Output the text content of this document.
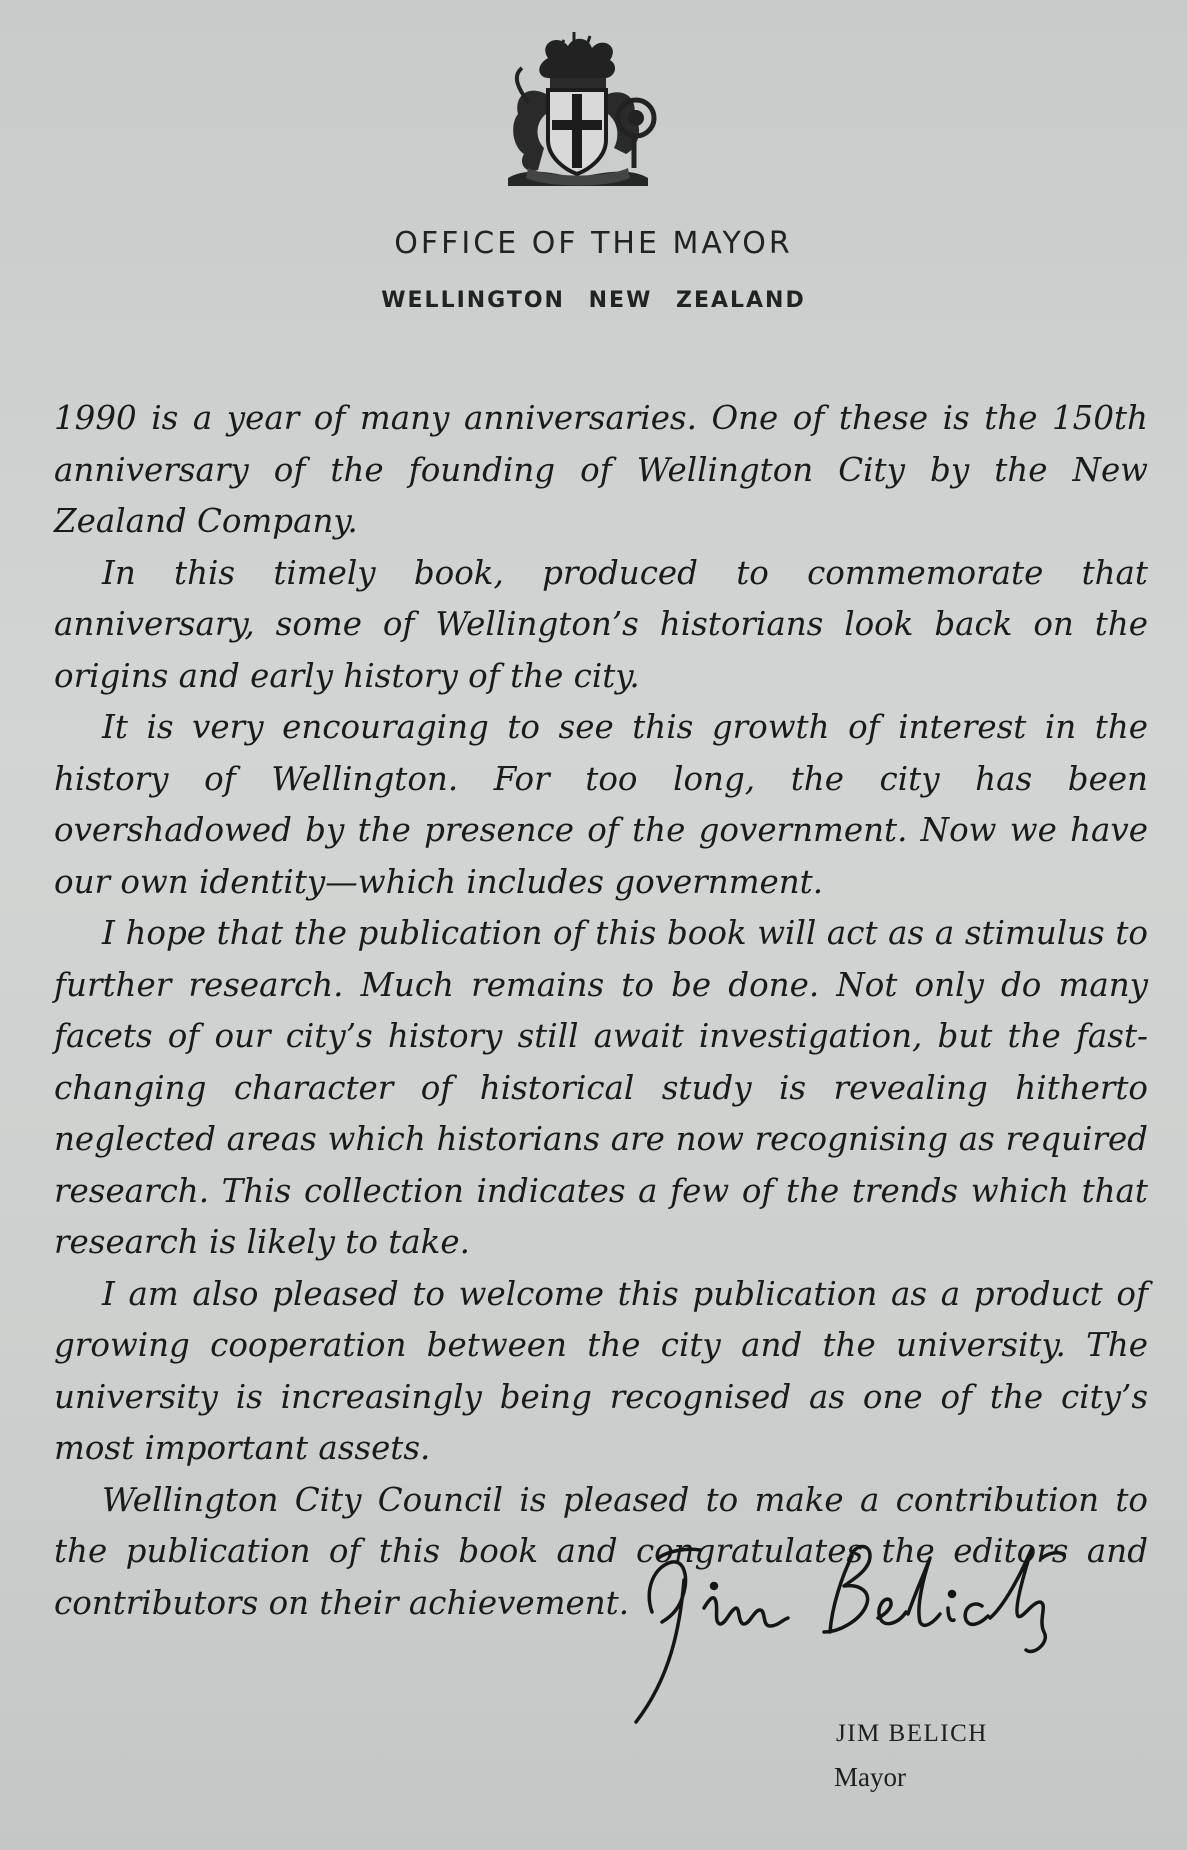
OFFICE OF THE MAYOR
WELLINGTON NEW ZEALAND

1990 is a year of many anniversaries. One of these is the 150th anniversary of the founding of Wellington City by the New Zealand Company.

In this timely book, produced to commemorate that anniversary, some of Wellington’s historians look back on the origins and early history of the city.

It is very encouraging to see this growth of interest in the history of Wellington. For too long, the city has been overshadowed by the presence of the government. Now we have our own identity—which includes government.

I hope that the publication of this book will act as a stimulus to further research. Much remains to be done. Not only do many facets of our city’s history still await investigation, but the fast-changing character of historical study is revealing hitherto neglected areas which historians are now recognising as required research. This collection indicates a few of the trends which that research is likely to take.

I am also pleased to welcome this publication as a product of growing cooperation between the city and the university. The university is increasingly being recognised as one of the city’s most important assets.

Wellington City Council is pleased to make a contribution to the publication of this book and congratulates the editors and contributors on their achievement.

JIM BELICH
Mayor
